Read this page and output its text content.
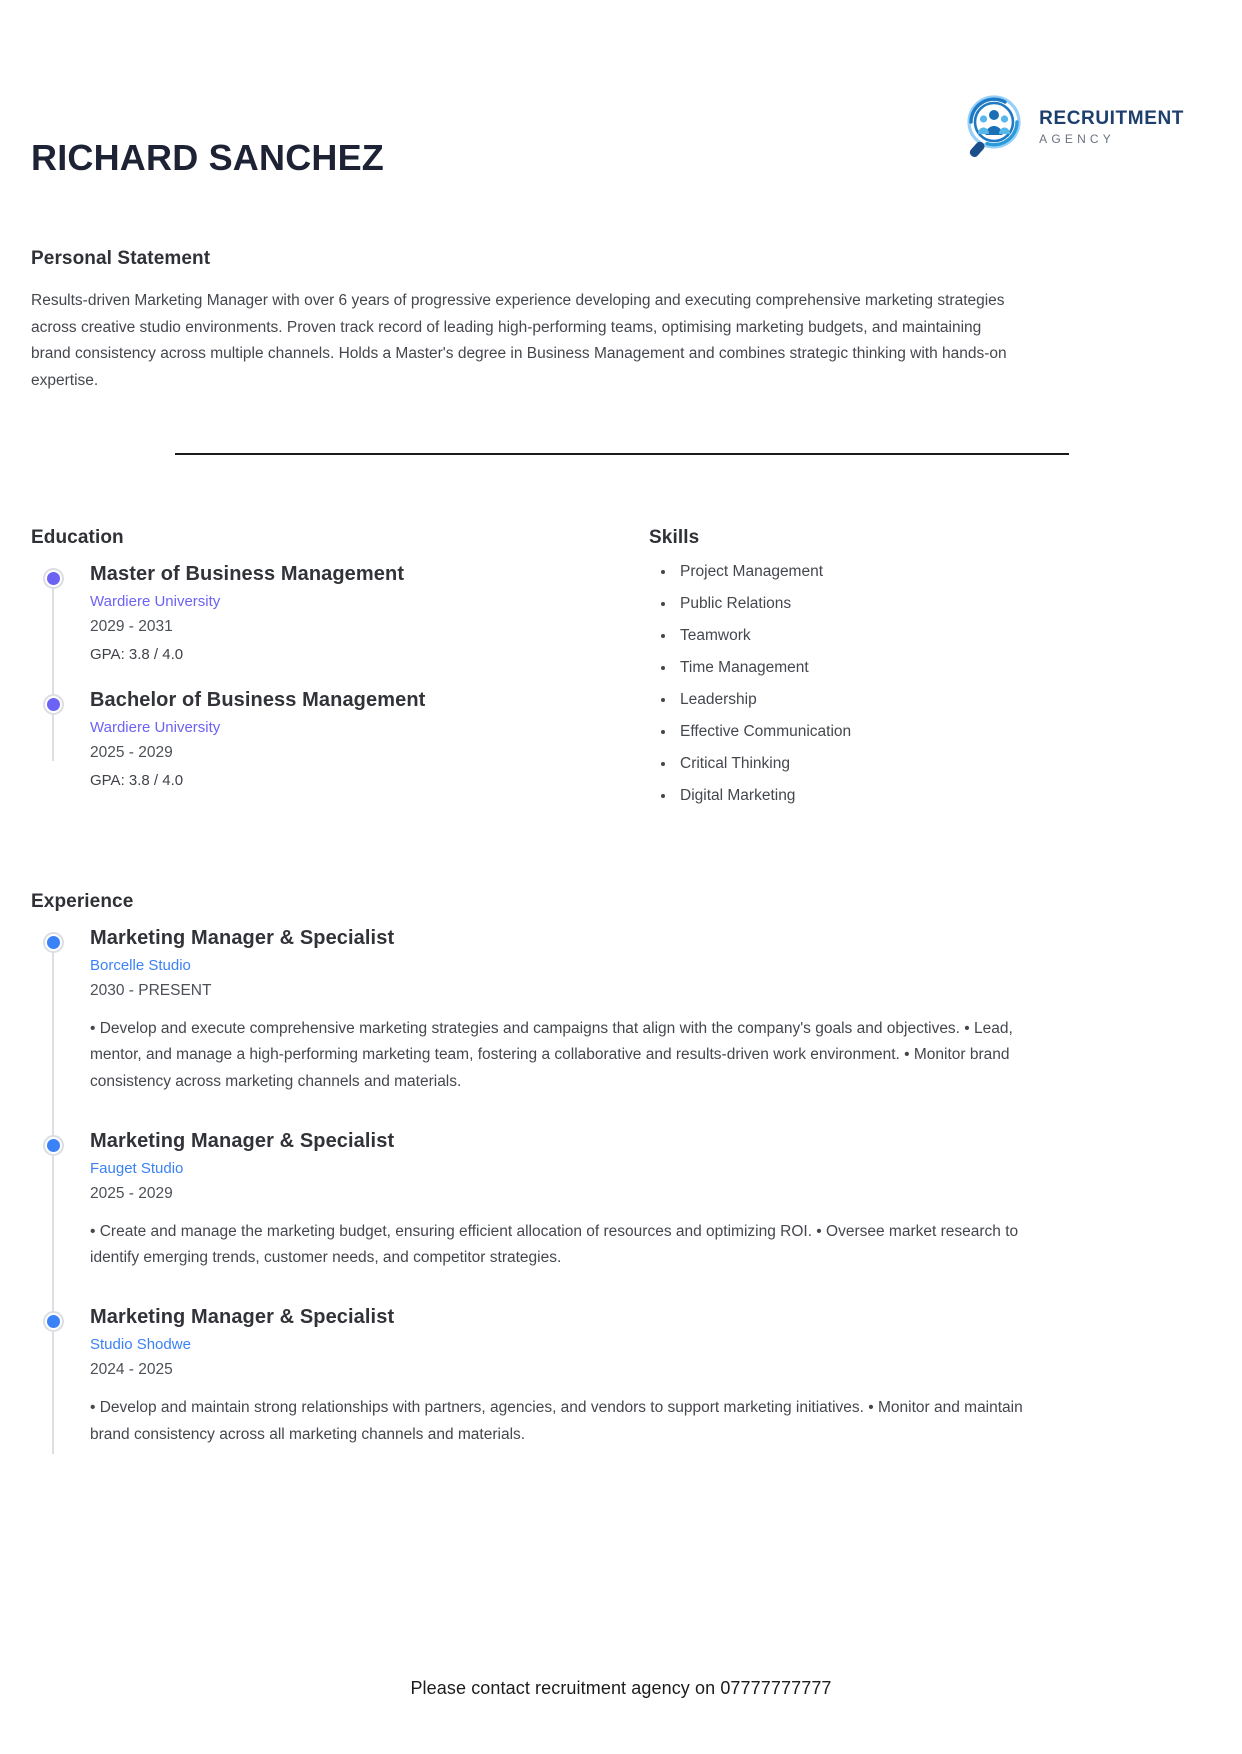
RICHARD SANCHEZ
RECRUITMENT
AGENCY
Personal Statement

Results-driven Marketing Manager with over 6 years of progressive experience developing and executing comprehensive marketing strategies across creative studio environments. Proven track record of leading high-performing teams, optimising marketing budgets, and maintaining brand consistency across multiple channels. Holds a Master's degree in Business Management and combines strategic thinking with hands-on expertise.

Education
Master of Business Management

Wardiere University

2029 - 2031

GPA: 3.8 / 4.0

Bachelor of Business Management

Wardiere University

2025 - 2029

GPA: 3.8 / 4.0

Skills
• Project Management
• Public Relations
• Teamwork
• Time Management
• Leadership
• Effective Communication
• Critical Thinking
• Digital Marketing
Experience
Marketing Manager & Specialist

Borcelle Studio

2030 - PRESENT

• Develop and execute comprehensive marketing strategies and campaigns that align with the company's goals and objectives. • Lead, mentor, and manage a high-performing marketing team, fostering a collaborative and results-driven work environment. • Monitor brand consistency across marketing channels and materials.

Marketing Manager & Specialist

Fauget Studio

2025 - 2029

• Create and manage the marketing budget, ensuring efficient allocation of resources and optimizing ROI. • Oversee market research to identify emerging trends, customer needs, and competitor strategies.

Marketing Manager & Specialist

Studio Shodwe

2024 - 2025

• Develop and maintain strong relationships with partners, agencies, and vendors to support marketing initiatives. • Monitor and maintain brand consistency across all marketing channels and materials.

Please contact recruitment agency on 07777777777
